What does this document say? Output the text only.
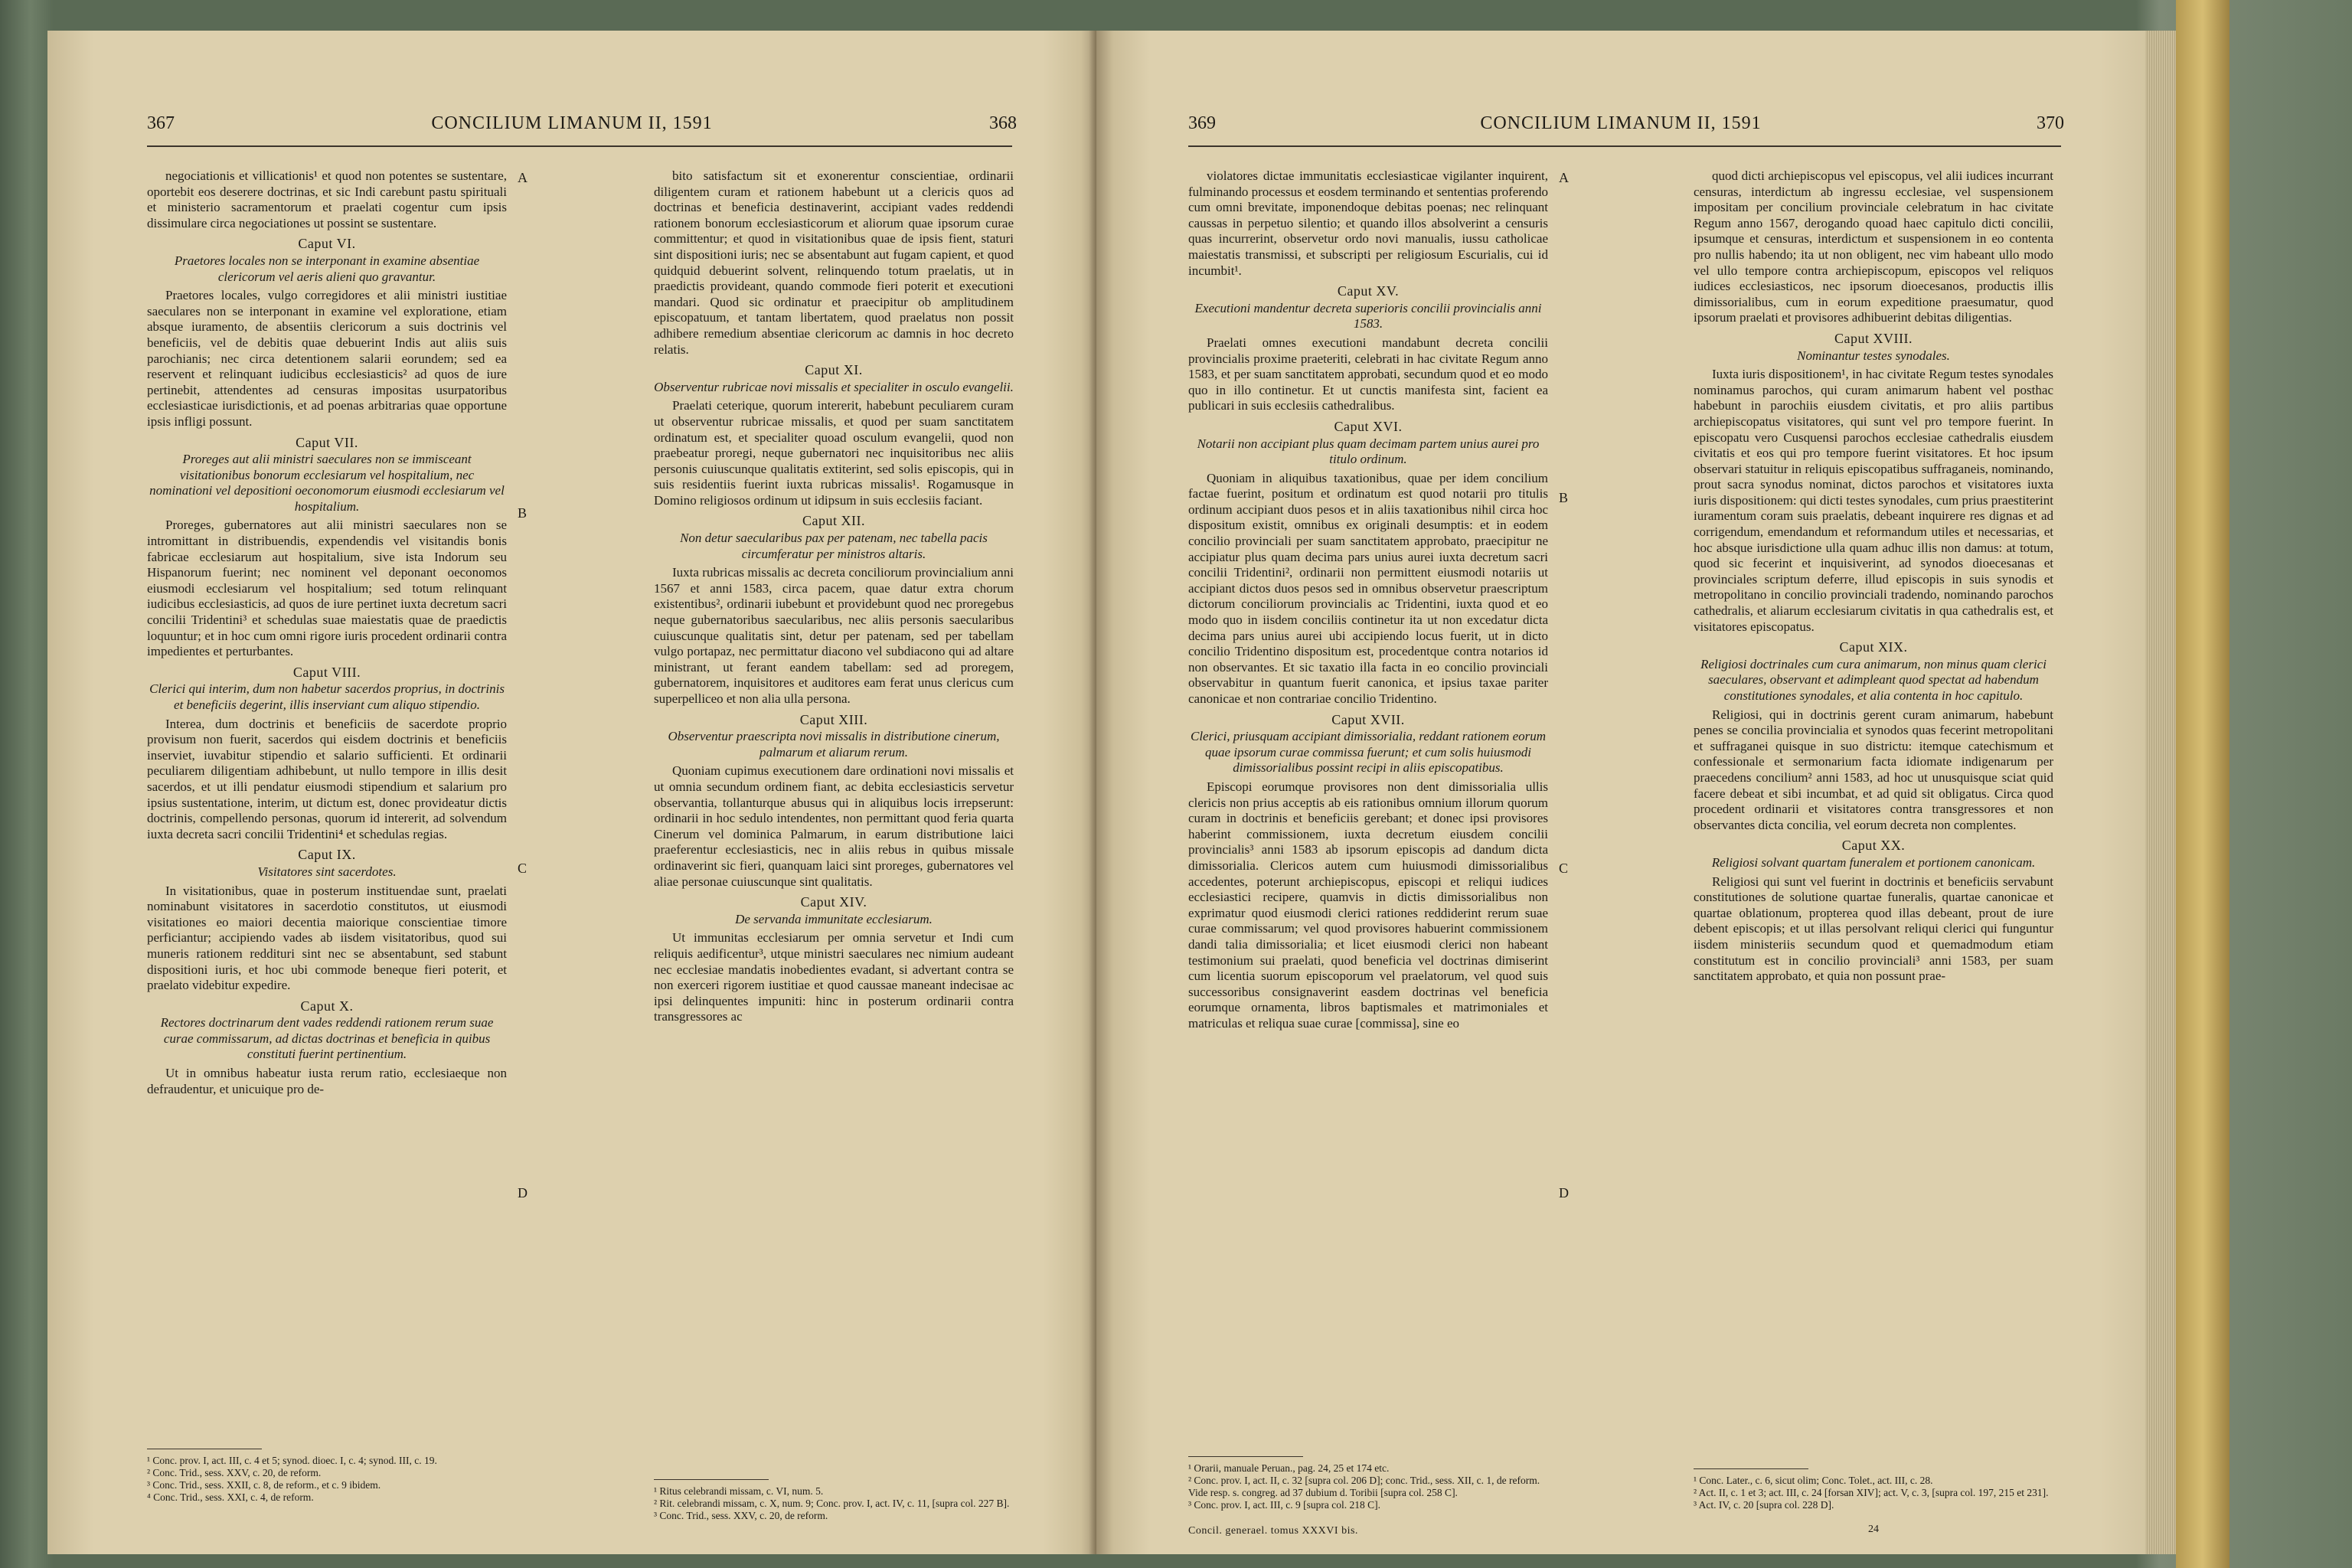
367	CONCILIUM LIMANUM II, 1591	368

negociationis et villicationis¹ et quod non potentes se sustentare, oportebit eos deserere doctrinas, et sic Indi carebunt pastu spirituali et ministerio sacramentorum et praelati cogentur cum ipsis dissimulare circa negociationes ut possint se sustentare.

Caput VI.

Praetores locales non se interponant in examine absentiae clericorum vel aeris alieni quo gravantur.

Praetores locales, vulgo corregidores et alii ministri iustitiae saeculares non se interponant in examine vel exploratione, etiam absque iuramento, de absentiis clericorum a suis doctrinis vel beneficiis, vel de debitis quae debuerint Indis aut aliis suis parochianis; nec circa detentionem salarii eorundem; sed ea reservent et relinquant iudicibus ecclesiasticis² ad quos de iure pertinebit, attendentes ad censuras impositas usurpatoribus ecclesiasticae iurisdictionis, et ad poenas arbitrarias quae opportune ipsis infligi possunt.

Caput VII.

Proreges aut alii ministri saeculares non se immisceant visitationibus bonorum ecclesiarum vel hospitalium, nec nominationi vel depositioni oeconomorum eiusmodi ecclesiarum vel hospitalium.

Proreges, gubernatores aut alii ministri saeculares non se intromittant in distribuendis, expendendis vel visitandis bonis fabricae ecclesiarum aut hospitalium, sive ista Indorum seu Hispanorum fuerint; nec nominent vel deponant oeconomos eiusmodi ecclesiarum vel hospitalium; sed totum relinquant iudicibus ecclesiasticis, ad quos de iure pertinet iuxta decretum sacri concilii Tridentini³ et schedulas suae maiestatis quae de praedictis loquuntur; et in hoc cum omni rigore iuris procedent ordinarii contra impedientes et perturbantes.

Caput VIII.

Clerici qui interim, dum non habetur sacerdos proprius, in doctrinis et beneficiis degerint, illis inserviant cum aliquo stipendio.

Interea, dum doctrinis et beneficiis de sacerdote proprio provisum non fuerit, sacerdos qui eisdem doctrinis et beneficiis inserviet, iuvabitur stipendio et salario sufficienti. Et ordinarii peculiarem diligentiam adhibebunt, ut nullo tempore in illis desit sacerdos, et ut illi pendatur eiusmodi stipendium et salarium pro ipsius sustentatione, interim, ut dictum est, donec provideatur dictis doctrinis, compellendo personas, quorum id intererit, ad solvendum iuxta decreta sacri concilii Tridentini⁴ et schedulas regias.

Caput IX.

Visitatores sint sacerdotes.

In visitationibus, quae in posterum instituendae sunt, praelati nominabunt visitatores in sacerdotio constitutos, ut eiusmodi visitationes eo maiori decentia maiorique conscientiae timore perficiantur; accipiendo vades ab iisdem visitatoribus, quod sui muneris rationem reddituri sint nec se absentabunt, sed stabunt dispositioni iuris, et hoc ubi commode beneque fieri poterit, et praelato videbitur expedire.

Caput X.

Rectores doctrinarum dent vades reddendi rationem rerum suae curae commissarum, ad dictas doctrinas et beneficia in quibus constituti fuerint pertinentium.

Ut in omnibus habeatur iusta rerum ratio, ecclesiaeque non defraudentur, et unicuique pro de-

bito satisfactum sit et exonerentur conscientiae, ordinarii diligentem curam et rationem habebunt ut a clericis quos ad doctrinas et beneficia destinaverint, accipiant vades reddendi rationem bonorum ecclesiasticorum et aliorum quae ipsorum curae committentur; et quod in visitationibus quae de ipsis fient, staturi sint dispositioni iuris; nec se absentabunt aut fugam capient, et quod quidquid debuerint solvent, relinquendo totum praelatis, ut in praedictis provideant, quando commode fieri poterit et executioni mandari. Quod sic ordinatur et praecipitur ob amplitudinem episcopatuum, et tantam libertatem, quod praelatus non possit adhibere remedium absentiae clericorum ac damnis in hoc decreto relatis.

Caput XI.

Observentur rubricae novi missalis et specialiter in osculo evangelii.

Praelati ceterique, quorum intererit, habebunt peculiarem curam ut observentur rubricae missalis, et quod per suam sanctitatem ordinatum est, et specialiter quoad osculum evangelii, quod non praebeatur proregi, neque gubernatori nec inquisitoribus nec aliis personis cuiuscunque qualitatis extiterint, sed solis episcopis, qui in suis residentiis fuerint iuxta rubricas missalis¹. Rogamusque in Domino religiosos ordinum ut idipsum in suis ecclesiis faciant.

Caput XII.

Non detur saecularibus pax per patenam, nec tabella pacis circumferatur per ministros altaris.

Iuxta rubricas missalis ac decreta conciliorum provincialium anni 1567 et anni 1583, circa pacem, quae datur extra chorum existentibus², ordinarii iubebunt et providebunt quod nec proregebus neque gubernatoribus saecularibus, nec aliis personis saecularibus cuiuscunque qualitatis sint, detur per patenam, sed per tabellam vulgo portapaz, nec permittatur diacono vel subdiacono qui ad altare ministrant, ut ferant eandem tabellam: sed ad proregem, gubernatorem, inquisitores et auditores eam ferat unus clericus cum superpelliceo et non alia ulla persona.

Caput XIII.

Observentur praescripta novi missalis in distributione cinerum, palmarum et aliarum rerum.

Quoniam cupimus executionem dare ordinationi novi missalis et ut omnia secundum ordinem fiant, ac debita ecclesiasticis servetur observantia, tollanturque abusus qui in aliquibus locis irrepserunt: ordinarii in hoc sedulo intendentes, non permittant quod feria quarta Cinerum vel dominica Palmarum, in earum distributione laici praeferentur ecclesiasticis, nec in aliis rebus in quibus missale ordinaverint sic fieri, quanquam laici sint proreges, gubernatores vel aliae personae cuiuscunque sint qualitatis.

Caput XIV.

De servanda immunitate ecclesiarum.

Ut immunitas ecclesiarum per omnia servetur et Indi cum reliquis aedificentur³, utque ministri saeculares nec nimium audeant nec ecclesiae mandatis inobedientes evadant, si advertant contra se non exerceri rigorem iustitiae et quod caussae maneant indecisae ac ipsi delinquentes impuniti: hinc in posterum ordinarii contra transgressores ac

A
B
C
D
¹ Conc. prov. I, act. III, c. 4 et 5; synod. dioec. I, c. 4; synod. III, c. 19.
² Conc. Trid., sess. XXV, c. 20, de reform.
³ Conc. Trid., sess. XXII, c. 8, de reform., et c. 9 ibidem.
⁴ Conc. Trid., sess. XXI, c. 4, de reform.
¹ Ritus celebrandi missam, c. VI, num. 5.
² Rit. celebrandi missam, c. X, num. 9; Conc. prov. I, act. IV, c. 11, [supra col. 227 B].
³ Conc. Trid., sess. XXV, c. 20, de reform.
369	CONCILIUM LIMANUM II, 1591	370

violatores dictae immunitatis ecclesiasticae vigilanter inquirent, fulminando processus et eosdem terminando et sententias proferendo cum omni brevitate, imponendoque debitas poenas; nec relinquant caussas in perpetuo silentio; et quando illos absolverint a censuris quas incurrerint, observetur ordo novi manualis, iussu catholicae maiestatis transmissi, et subscripti per religiosum Escurialis, cui id incumbit¹.

Caput XV.

Executioni mandentur decreta superioris concilii provincialis anni 1583.

Praelati omnes executioni mandabunt decreta concilii provincialis proxime praeteriti, celebrati in hac civitate Regum anno 1583, et per suam sanctitatem approbati, secundum quod et eo modo quo in illo continetur. Et ut cunctis manifesta sint, facient ea publicari in suis ecclesiis cathedralibus.

Caput XVI.

Notarii non accipiant plus quam decimam partem unius aurei pro titulo ordinum.

Quoniam in aliquibus taxationibus, quae per idem concilium factae fuerint, positum et ordinatum est quod notarii pro titulis ordinum accipiant duos pesos et in aliis taxationibus nihil circa hoc dispositum existit, omnibus ex originali desumptis: et in eodem concilio provinciali per suam sanctitatem approbato, praecipitur ne accipiatur plus quam decima pars unius aurei iuxta decretum sacri concilii Tridentini², ordinarii non permittent eiusmodi notariis ut accipiant dictos duos pesos sed in omnibus observetur praescriptum dictorum conciliorum provincialis ac Tridentini, iuxta quod et eo modo quo in iisdem conciliis continetur ita ut non excedatur dicta decima pars unius aurei ubi accipiendo locus fuerit, ut in dicto concilio Tridentino dispositum est, procedentque contra notarios id non observantes. Et sic taxatio illa facta in eo concilio provinciali observabitur in quantum fuerit canonica, et ipsius taxae pariter canonicae et non contrariae concilio Tridentino.

Caput XVII.

Clerici, priusquam accipiant dimissorialia, reddant rationem eorum quae ipsorum curae commissa fuerunt; et cum solis huiusmodi dimissorialibus possint recipi in aliis episcopatibus.

Episcopi eorumque provisores non dent dimissorialia ullis clericis non prius acceptis ab eis rationibus omnium illorum quorum curam in doctrinis et beneficiis gerebant; et donec ipsi provisores haberint commissionem, iuxta decretum eiusdem concilii provincialis³ anni 1583 ab ipsorum episcopis ad dandum dicta dimissorialia. Clericos autem cum huiusmodi dimissorialibus accedentes, poterunt archiepiscopus, episcopi et reliqui iudices ecclesiastici recipere, quamvis in dictis dimissorialibus non exprimatur quod eiusmodi clerici rationes reddiderint rerum suae curae commissarum; vel quod provisores habuerint commissionem dandi talia dimissorialia; et licet eiusmodi clerici non habeant testimonium sui praelati, quod beneficia vel doctrinas dimiserint cum licentia suorum episcoporum vel praelatorum, vel quod suis successoribus consignaverint easdem doctrinas vel beneficia eorumque ornamenta, libros baptismales et matrimoniales et matriculas et reliqua suae curae [commissa], sine eo

quod dicti archiepiscopus vel episcopus, vel alii iudices incurrant censuras, interdictum ab ingressu ecclesiae, vel suspensionem impositam per concilium provinciale celebratum in hac civitate Regum anno 1567, derogando quoad haec capitulo dicti concilii, ipsumque et censuras, interdictum et suspensionem in eo contenta pro nullis habendo; ita ut non obligent, nec vim habeant ullo modo vel ullo tempore contra archiepiscopum, episcopos vel reliquos iudices ecclesiasticos, nec ipsorum dioecesanos, productis illis dimissorialibus, cum in eorum expeditione praesumatur, quod ipsorum praelati et provisores adhibuerint debitas diligentias.

Caput XVIII.

Nominantur testes synodales.

Iuxta iuris dispositionem¹, in hac civitate Regum testes synodales nominamus parochos, qui curam animarum habent vel posthac habebunt in parochiis eiusdem civitatis, et pro aliis partibus archiepiscopatus visitatores, qui sunt vel pro tempore fuerint. In episcopatu vero Cusquensi parochos ecclesiae cathedralis eiusdem civitatis et eos qui pro tempore fuerint visitatores. Et hoc ipsum observari statuitur in reliquis episcopatibus suffraganeis, nominando, prout sacra synodus nominat, dictos parochos et visitatores iuxta iuris dispositionem: qui dicti testes synodales, cum prius praestiterint iuramentum coram suis praelatis, debeant inquirere res dignas et ad corrigendum, emendandum et reformandum utiles et necessarias, et hoc absque iurisdictione ulla quam adhuc illis non damus: at totum, quod sic fecerint et inquisiverint, ad synodos dioecesanas et provinciales scriptum deferre, illud episcopis in suis synodis et metropolitano in concilio provinciali tradendo, nominando parochos cathedralis, et aliarum ecclesiarum civitatis in qua cathedralis est, et visitatores episcopatus.

Caput XIX.

Religiosi doctrinales cum cura animarum, non minus quam clerici saeculares, observant et adimpleant quod spectat ad habendum constitutiones synodales, et alia contenta in hoc capitulo.

Religiosi, qui in doctrinis gerent curam animarum, habebunt penes se concilia provincialia et synodos quas fecerint metropolitani et suffraganei quisque in suo districtu: itemque catechismum et confessionale et sermonarium facta idiomate indigenarum per praecedens concilium² anni 1583, ad hoc ut unusquisque sciat quid facere debeat et sibi incumbat, et ad quid sit obligatus. Circa quod procedent ordinarii et visitatores contra transgressores et non observantes dicta concilia, vel eorum decreta non complentes.

Caput XX.

Religiosi solvant quartam funeralem et portionem canonicam.

Religiosi qui sunt vel fuerint in doctrinis et beneficiis servabunt constitutiones de solutione quartae funeralis, quartae canonicae et quartae oblationum, propterea quod illas debeant, prout de iure debent episcopis; et ut illas persolvant reliqui clerici qui funguntur iisdem ministeriis secundum quod et quemadmodum etiam constitutum est in concilio provinciali³ anni 1583, per suam sanctitatem approbato, et quia non possunt prae-

A
B
C
D
¹ Orarii, manuale Peruan., pag. 24, 25 et 174 etc.
² Conc. prov. I, act. II, c. 32 [supra col. 206 D]; conc. Trid., sess. XII, c. 1, de reform. Vide resp. s. congreg. ad 37 dubium d. Toribii [supra col. 258 C].
³ Conc. prov. I, act. III, c. 9 [supra col. 218 C].
Concil. generael. tomus XXXVI bis.
¹ Conc. Later., c. 6, sicut olim; Conc. Tolet., act. III, c. 28.
² Act. II, c. 1 et 3; act. III, c. 24 [forsan XIV]; act. V, c. 3, [supra col. 197, 215 et 231].
³ Act. IV, c. 20 [supra col. 228 D].
24
